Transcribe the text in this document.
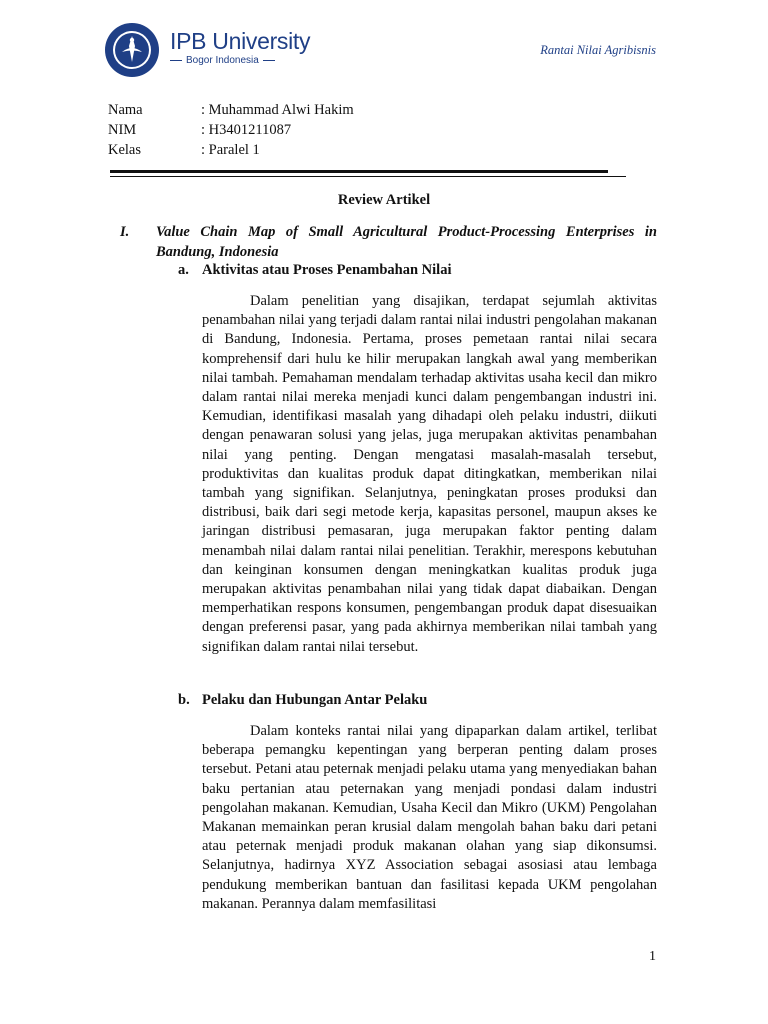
IPB University
Bogor Indonesia
Rantai Nilai Agribisnis
Nama	: Muhammad Alwi Hakim
NIM	: H3401211087
Kelas	: Paralel 1
Review Artikel
I. Value Chain Map of Small Agricultural Product-Processing Enterprises in Bandung, Indonesia
a. Aktivitas atau Proses Penambahan Nilai

Dalam penelitian yang disajikan, terdapat sejumlah aktivitas penambahan nilai yang terjadi dalam rantai nilai industri pengolahan makanan di Bandung, Indonesia. Pertama, proses pemetaan rantai nilai secara komprehensif dari hulu ke hilir merupakan langkah awal yang memberikan nilai tambah. Pemahaman mendalam terhadap aktivitas usaha kecil dan mikro dalam rantai nilai mereka menjadi kunci dalam pengembangan industri ini. Kemudian, identifikasi masalah yang dihadapi oleh pelaku industri, diikuti dengan penawaran solusi yang jelas, juga merupakan aktivitas penambahan nilai yang penting. Dengan mengatasi masalah-masalah tersebut, produktivitas dan kualitas produk dapat ditingkatkan, memberikan nilai tambah yang signifikan. Selanjutnya, peningkatan proses produksi dan distribusi, baik dari segi metode kerja, kapasitas personel, maupun akses ke jaringan distribusi pemasaran, juga merupakan faktor penting dalam menambah nilai dalam rantai nilai penelitian. Terakhir, merespons kebutuhan dan keinginan konsumen dengan meningkatkan kualitas produk juga merupakan aktivitas penambahan nilai yang tidak dapat diabaikan. Dengan memperhatikan respons konsumen, pengembangan produk dapat disesuaikan dengan preferensi pasar, yang pada akhirnya memberikan nilai tambah yang signifikan dalam rantai nilai tersebut.

b. Pelaku dan Hubungan Antar Pelaku

Dalam konteks rantai nilai yang dipaparkan dalam artikel, terlibat beberapa pemangku kepentingan yang berperan penting dalam proses tersebut. Petani atau peternak menjadi pelaku utama yang menyediakan bahan baku pertanian atau peternakan yang menjadi pondasi dalam industri pengolahan makanan. Kemudian, Usaha Kecil dan Mikro (UKM) Pengolahan Makanan memainkan peran krusial dalam mengolah bahan baku dari petani atau peternak menjadi produk makanan olahan yang siap dikonsumsi. Selanjutnya, hadirnya XYZ Association sebagai asosiasi atau lembaga pendukung memberikan bantuan dan fasilitasi kepada UKM pengolahan makanan. Perannya dalam memfasilitasi

1
